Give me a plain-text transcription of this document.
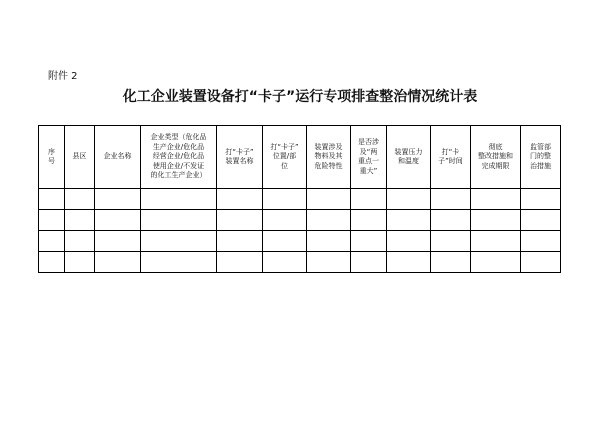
附件 2
化工企业装置设备打“卡子”运行专项排查整治情况统计表
序
号	县区	企业名称	企业类型（危化品
生产企业/危化品
经营企业/危化品
使用企业/不发证
的化工生产企业）	打“卡子”
装置名称	打“卡子”
位置/部
位	装置涉及
物料及其
危险特性	是否涉
及“两
重点一
重大”	装置压力
和温度	打“卡
子”时间	彻底
整改措施和
完成期限	监管部
门的整
治措施
